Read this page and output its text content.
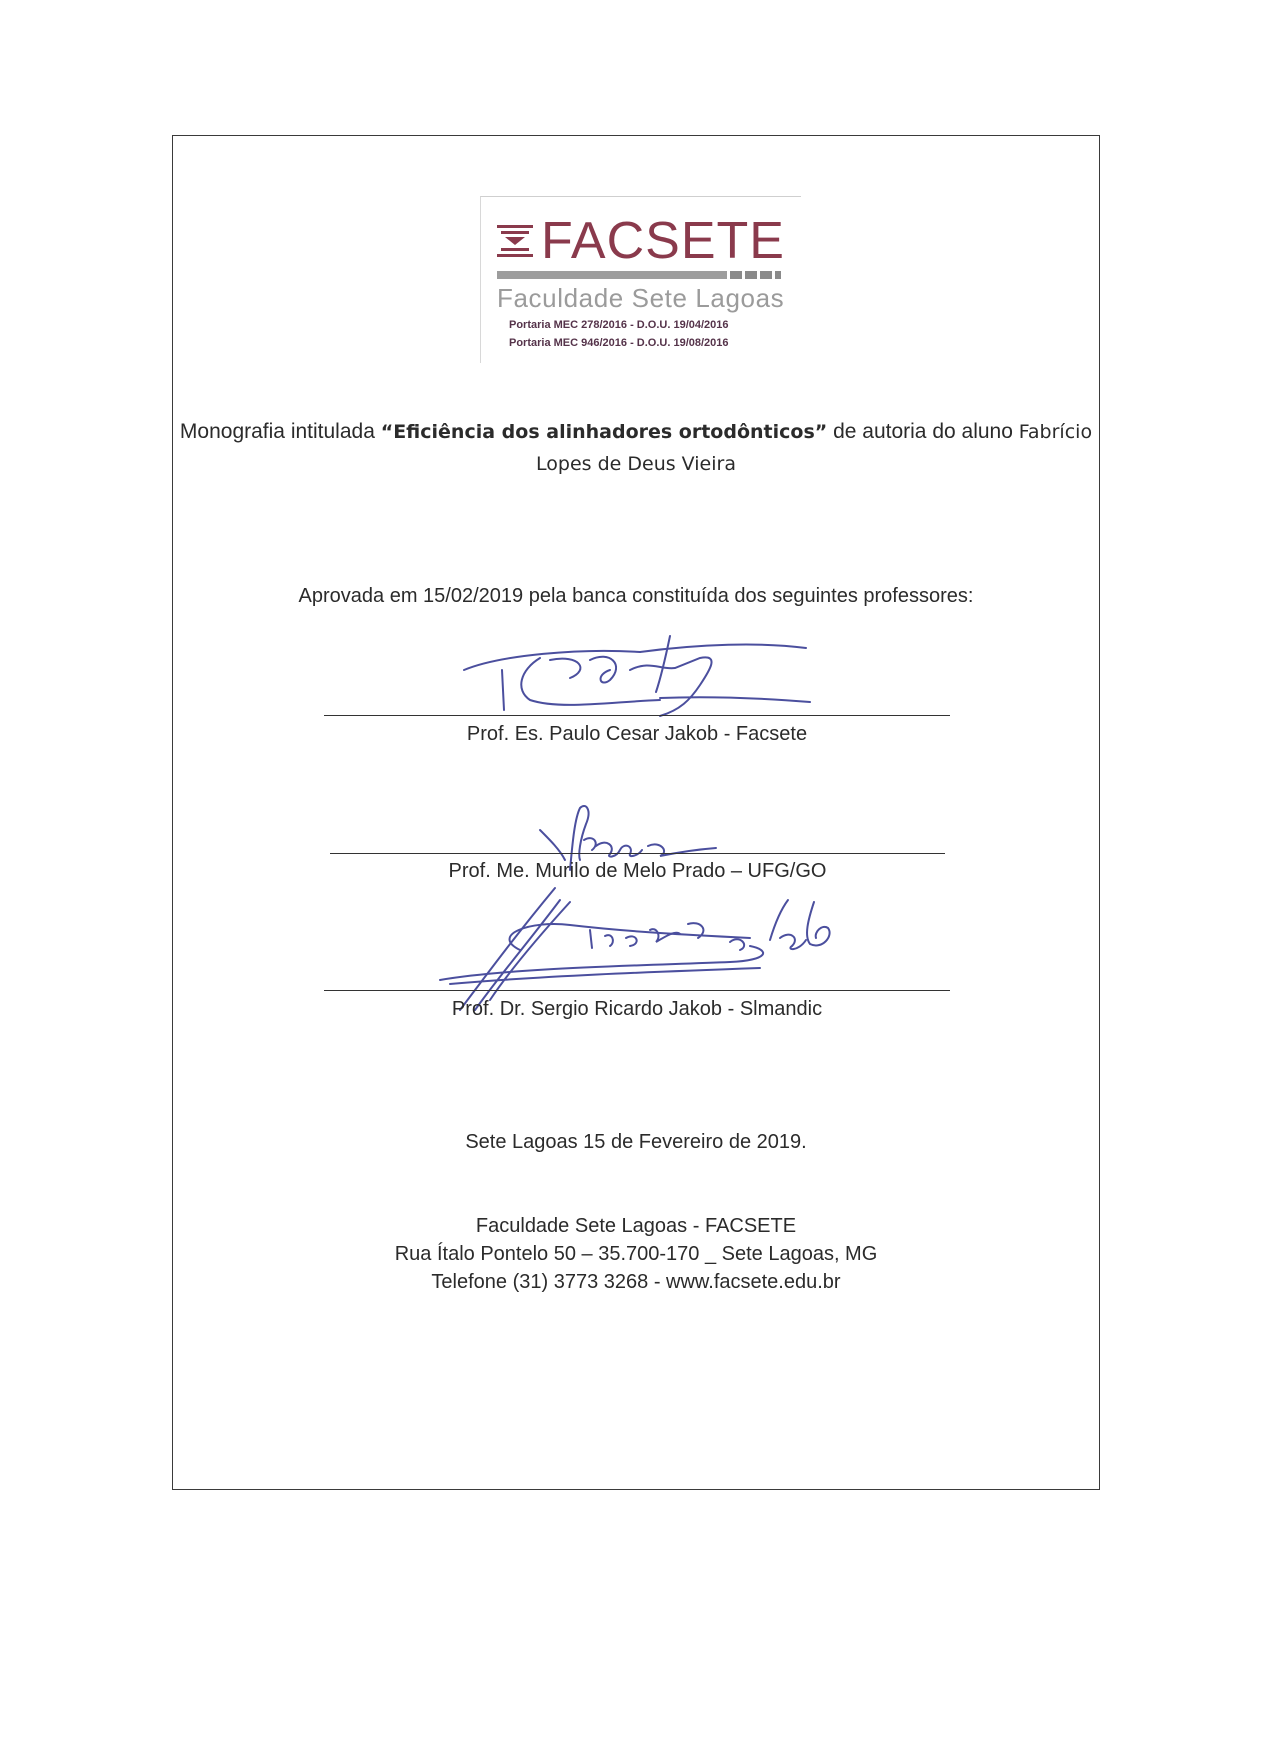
FACSETE
Faculdade Sete Lagoas
Portaria MEC 278/2016 - D.O.U. 19/04/2016
Portaria MEC 946/2016 - D.O.U. 19/08/2016
Monografia intitulada “Eficiência dos alinhadores ortodônticos” de autoria do aluno Fabrício
Lopes de Deus Vieira
Aprovada em 15/02/2019 pela banca constituída dos seguintes professores:
Prof. Es. Paulo Cesar Jakob - Facsete
Prof. Me. Murilo de Melo Prado – UFG/GO
Prof. Dr. Sergio Ricardo Jakob - Slmandic
Sete Lagoas 15 de Fevereiro de 2019.
Faculdade Sete Lagoas - FACSETE
Rua Ítalo Pontelo 50 – 35.700-170 _ Sete Lagoas, MG
Telefone (31) 3773 3268 - www.facsete.edu.br
